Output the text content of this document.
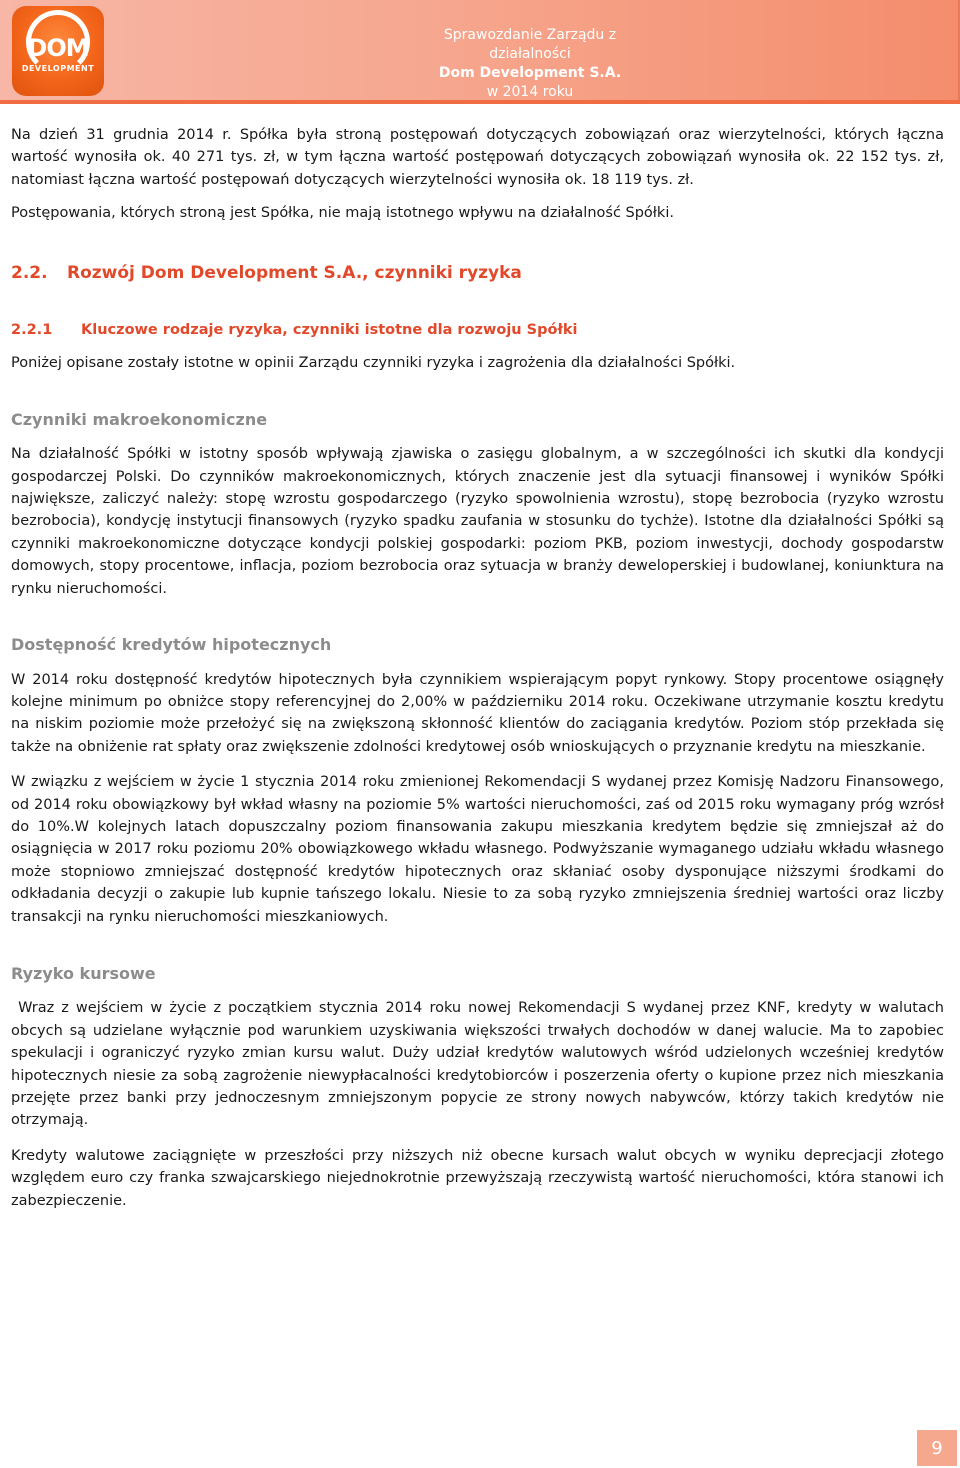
DOM
DEVELOPMENT
Sprawozdanie Zarządu z działalności
Dom Development S.A.
w 2014 roku

Na dzień 31 grudnia 2014 r. Spółka była stroną postępowań dotyczących zobowiązań oraz wierzytelności, których łączna wartość wynosiła ok. 40 271 tys. zł, w tym łączna wartość postępowań dotyczących zobowiązań wynosiła ok. 22 152 tys. zł, natomiast łączna wartość postępowań dotyczących wierzytelności wynosiła ok. 18 119 tys. zł.

Postępowania, których stroną jest Spółka, nie mają istotnego wpływu na działalność Spółki.

2.2. Rozwój Dom Development S.A., czynniki ryzyka
2.2.1 Kluczowe rodzaje ryzyka, czynniki istotne dla rozwoju Spółki

Poniżej opisane zostały istotne w opinii Zarządu czynniki ryzyka i zagrożenia dla działalności Spółki.

Czynniki makroekonomiczne

Na działalność Spółki w istotny sposób wpływają zjawiska o zasięgu globalnym, a w szczególności ich skutki dla kondycji gospodarczej Polski. Do czynników makroekonomicznych, których znaczenie jest dla sytuacji finansowej i wyników Spółki największe, zaliczyć należy: stopę wzrostu gospodarczego (ryzyko spowolnienia wzrostu), stopę bezrobocia (ryzyko wzrostu bezrobocia), kondycję instytucji finansowych (ryzyko spadku zaufania w stosunku do tychże). Istotne dla działalności Spółki są czynniki makroekonomiczne dotyczące kondycji polskiej gospodarki: poziom PKB, poziom inwestycji, dochody gospodarstw domowych, stopy procentowe, inflacja, poziom bezrobocia oraz sytuacja w branży deweloperskiej i budowlanej, koniunktura na rynku nieruchomości.

Dostępność kredytów hipotecznych

W 2014 roku dostępność kredytów hipotecznych była czynnikiem wspierającym popyt rynkowy. Stopy procentowe osiągnęły kolejne minimum po obniżce stopy referencyjnej do 2,00% w październiku 2014 roku. Oczekiwane utrzymanie kosztu kredytu na niskim poziomie może przełożyć się na zwiększoną skłonność klientów do zaciągania kredytów. Poziom stóp przekłada się także na obniżenie rat spłaty oraz zwiększenie zdolności kredytowej osób wnioskujących o przyznanie kredytu na mieszkanie.

W związku z wejściem w życie 1 stycznia 2014 roku zmienionej Rekomendacji S wydanej przez Komisję Nadzoru Finansowego, od 2014 roku obowiązkowy był wkład własny na poziomie 5% wartości nieruchomości, zaś od 2015 roku wymagany próg wzrósł do 10%.W kolejnych latach dopuszczalny poziom finansowania zakupu mieszkania kredytem będzie się zmniejszał aż do osiągnięcia w 2017 roku poziomu 20% obowiązkowego wkładu własnego. Podwyższanie wymaganego udziału wkładu własnego może stopniowo zmniejszać dostępność kredytów hipotecznych oraz skłaniać osoby dysponujące niższymi środkami do odkładania decyzji o zakupie lub kupnie tańszego lokalu. Niesie to za sobą ryzyko zmniejszenia średniej wartości oraz liczby transakcji na rynku nieruchomości mieszkaniowych.

Ryzyko kursowe

Wraz z wejściem w życie z początkiem stycznia 2014 roku nowej Rekomendacji S wydanej przez KNF, kredyty w walutach obcych są udzielane wyłącznie pod warunkiem uzyskiwania większości trwałych dochodów w danej walucie. Ma to zapobiec spekulacji i ograniczyć ryzyko zmian kursu walut. Duży udział kredytów walutowych wśród udzielonych wcześniej kredytów hipotecznych niesie za sobą zagrożenie niewypłacalności kredytobiorców i poszerzenia oferty o kupione przez nich mieszkania przejęte przez banki przy jednoczesnym zmniejszonym popycie ze strony nowych nabywców, którzy takich kredytów nie otrzymają.

Kredyty walutowe zaciągnięte w przeszłości przy niższych niż obecne kursach walut obcych w wyniku deprecjacji złotego względem euro czy franka szwajcarskiego niejednokrotnie przewyższają rzeczywistą wartość nieruchomości, która stanowi ich zabezpieczenie.

9
